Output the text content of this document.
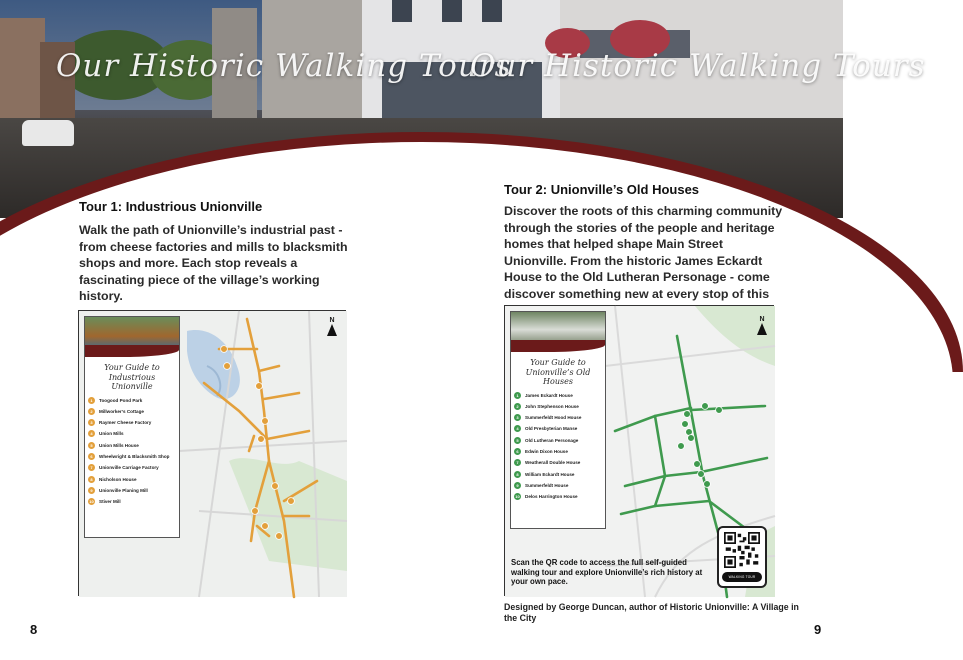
Our Historic Walking Tours
Our Historic Walking Tours
Tour 1: Industrious Unionville
Walk the path of Unionville’s industrial past - from cheese factories and mills to blacksmith shops and more. Each stop reveals a fascinating piece of the village’s working history.
Tour 2: Unionville’s Old Houses
Discover the roots of this charming community through the stories of the people and heritage homes that helped shape Main Street Unionville. From the historic James Eckardt House to the Old Lutheran Personage - come discover something new at every stop of this
N
Your Guide to Industrious Unionville
1	Toogood Pond Park
2	Millworker’s Cottage
3	Raymer Cheese Factory
4	Union Mills
5	Union Mills House
6	Wheelwright & Blacksmith Shop
7	Unionville Carriage Factory
8	Nicholson House
9	Unionville Planing Mill
10 Stiver Mill
N
Your Guide to Unionville’s Old Houses
1	James Eckardt House
2	John Stephenson House
3	Summerfeldt Hood House
4	Old Presbyterian Manse
5	Old Lutheran Personage
6	Edwin Dixon House
7	Weatherall Double House
8	William Eckardt House
9	Summerfeldt House
10 Delos Harrington House
WALKING TOUR
Scan the QR code to access the full self-guided walking tour and explore Unionville’s rich history at your own pace.
Designed by George Duncan, author of Historic Unionville: A Village in the City
8	9
